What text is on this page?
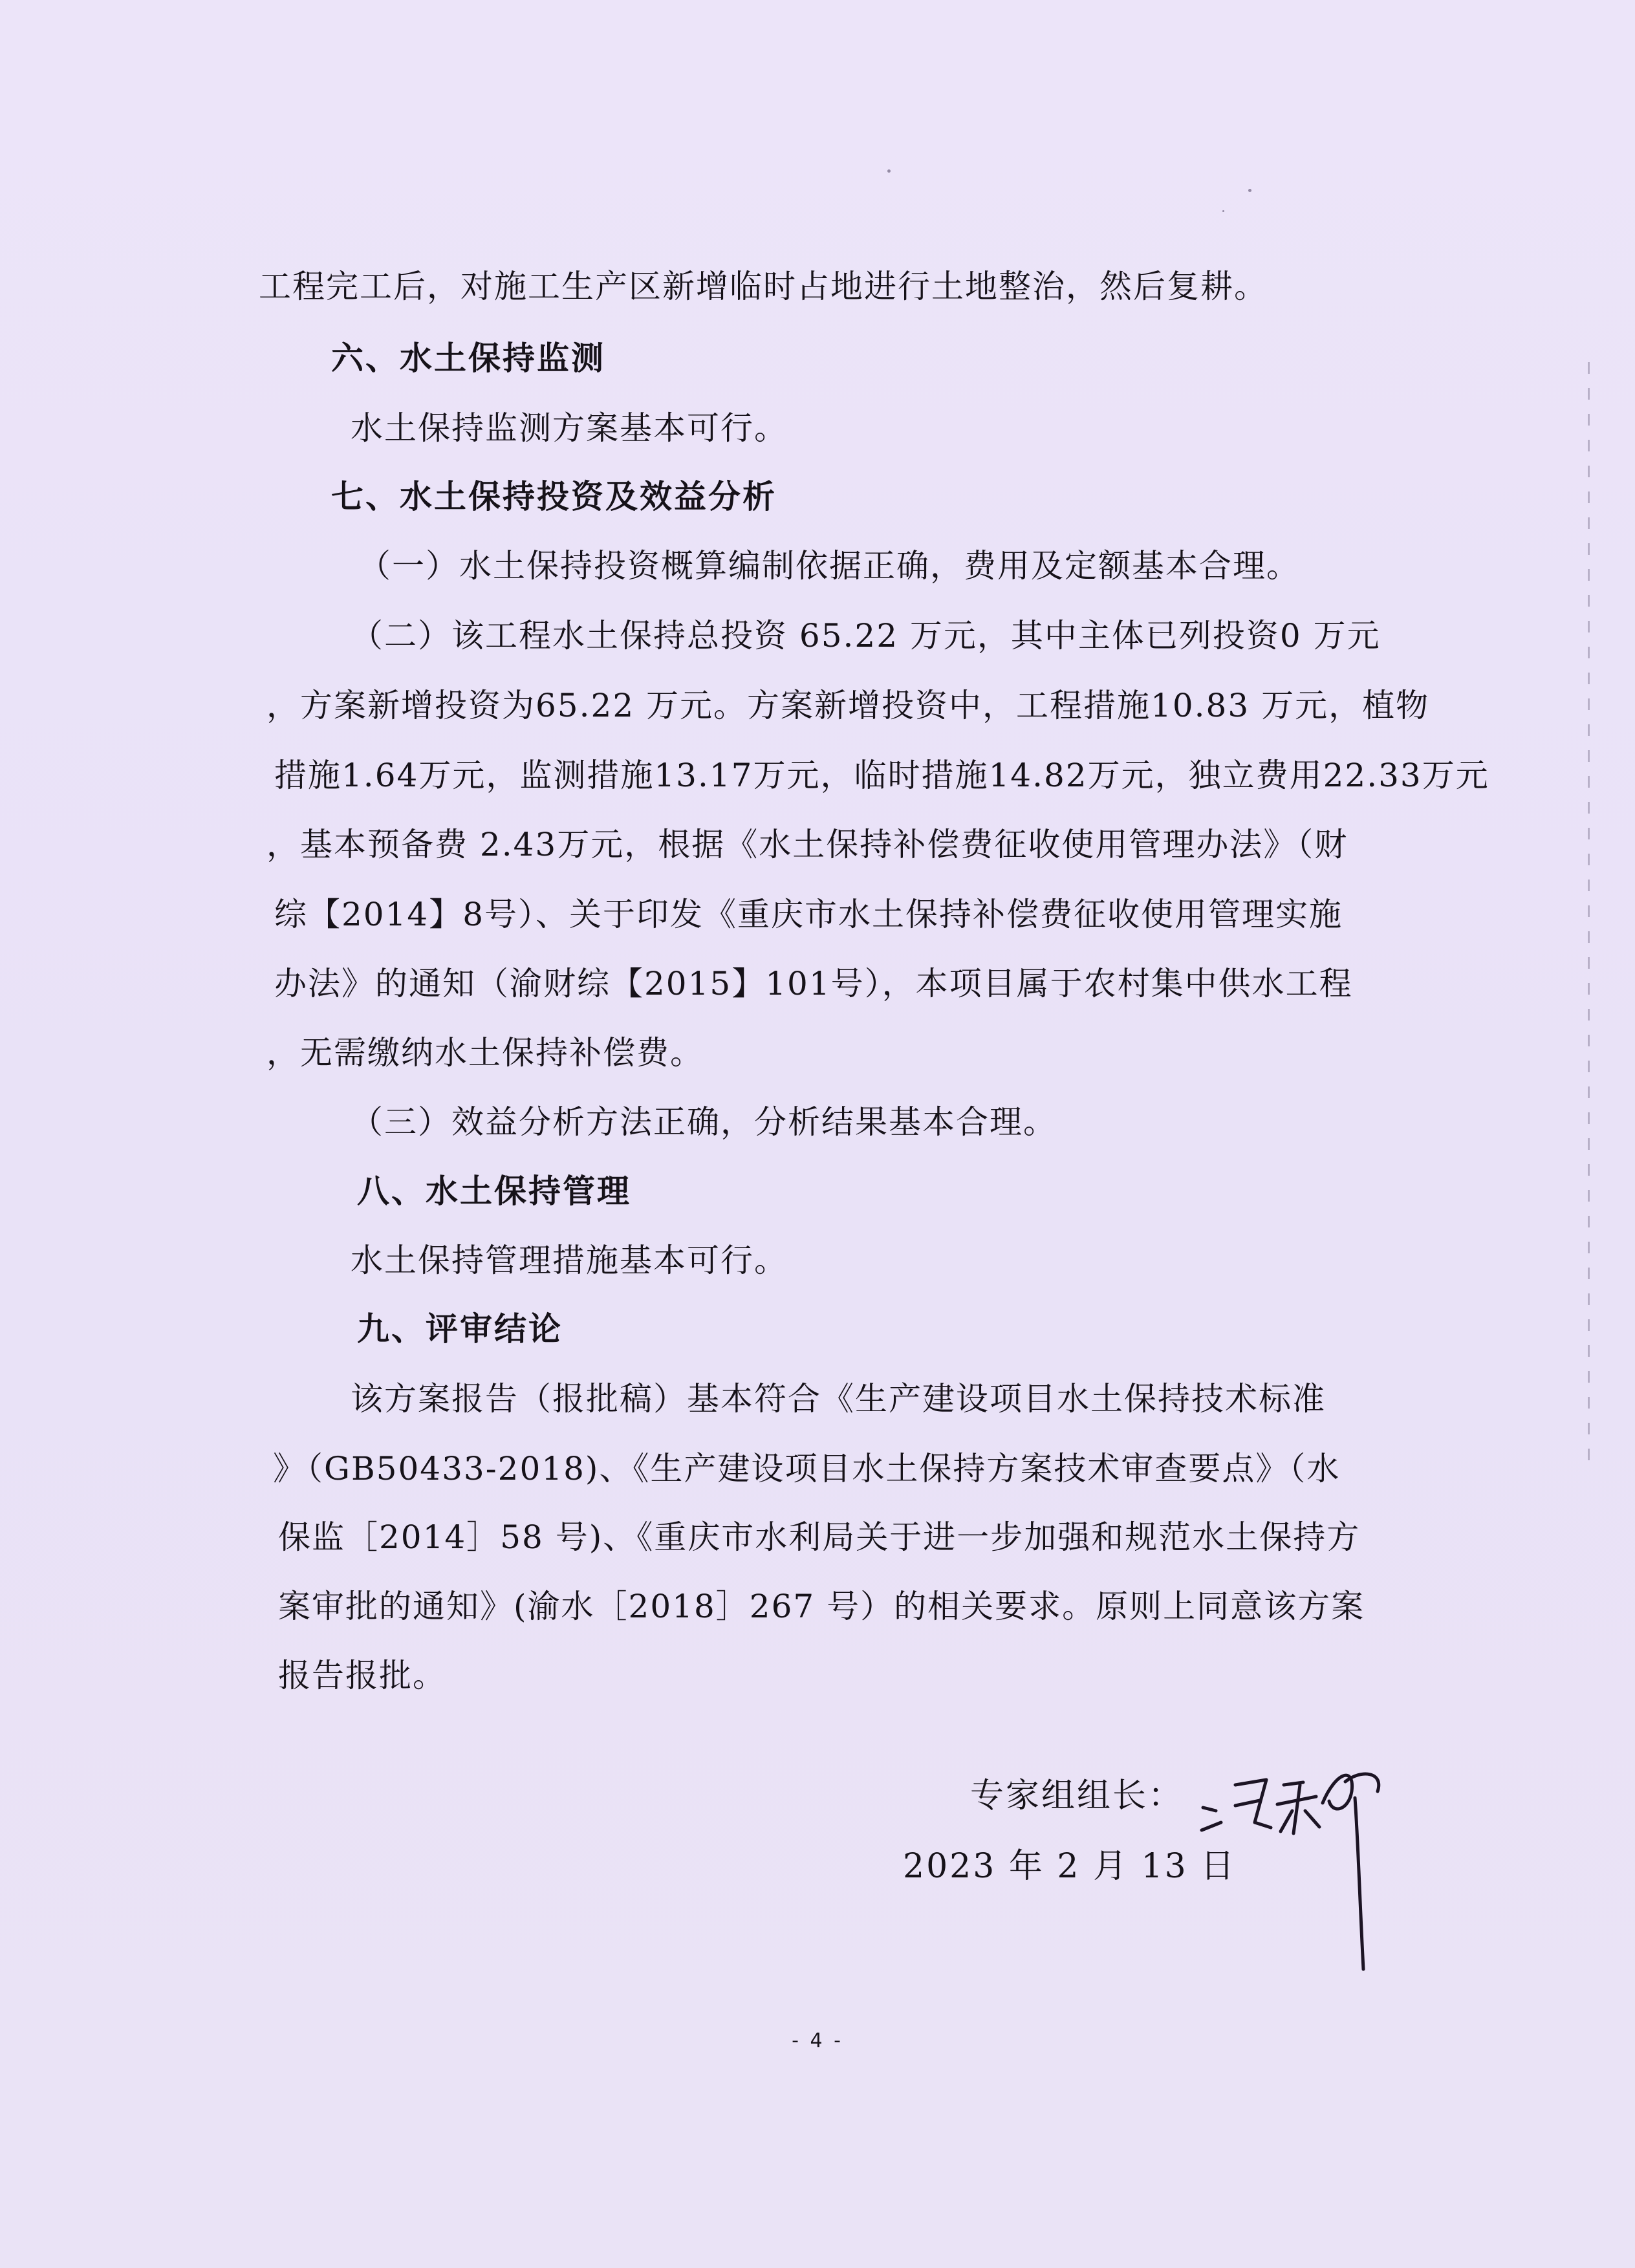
工程完工后，对施工生产区新增临时占地进行土地整治，然后复耕。
六、水土保持监测
水土保持监测方案基本可行。
七、水土保持投资及效益分析
（一）水土保持投资概算编制依据正确，费用及定额基本合理。
（二）该工程水土保持总投资 65.22 万元，其中主体已列投资0 万元
，方案新增投资为65.22 万元。方案新增投资中，工程措施10.83 万元，植物
措施1.64万元，监测措施13.17万元，临时措施14.82万元，独立费用22.33万元
，基本预备费 2.43万元，根据《水土保持补偿费征收使用管理办法》（财
综【2014】8号）、关于印发《重庆市水土保持补偿费征收使用管理实施
办法》的通知（渝财综【2015】101号），本项目属于农村集中供水工程
，无需缴纳水土保持补偿费。
（三）效益分析方法正确，分析结果基本合理。
八、水土保持管理
水土保持管理措施基本可行。
九、评审结论
该方案报告（报批稿）基本符合《生产建设项目水土保持技术标准
》（GB50433-2018)、《生产建设项目水土保持方案技术审查要点》（水
保监［2014］58 号)、《重庆市水利局关于进一步加强和规范水土保持方
案审批的通知》(渝水［2018］267 号）的相关要求。原则上同意该方案
报告报批。
专家组组长：
2023 年 2 月 13 日
- 4 -
